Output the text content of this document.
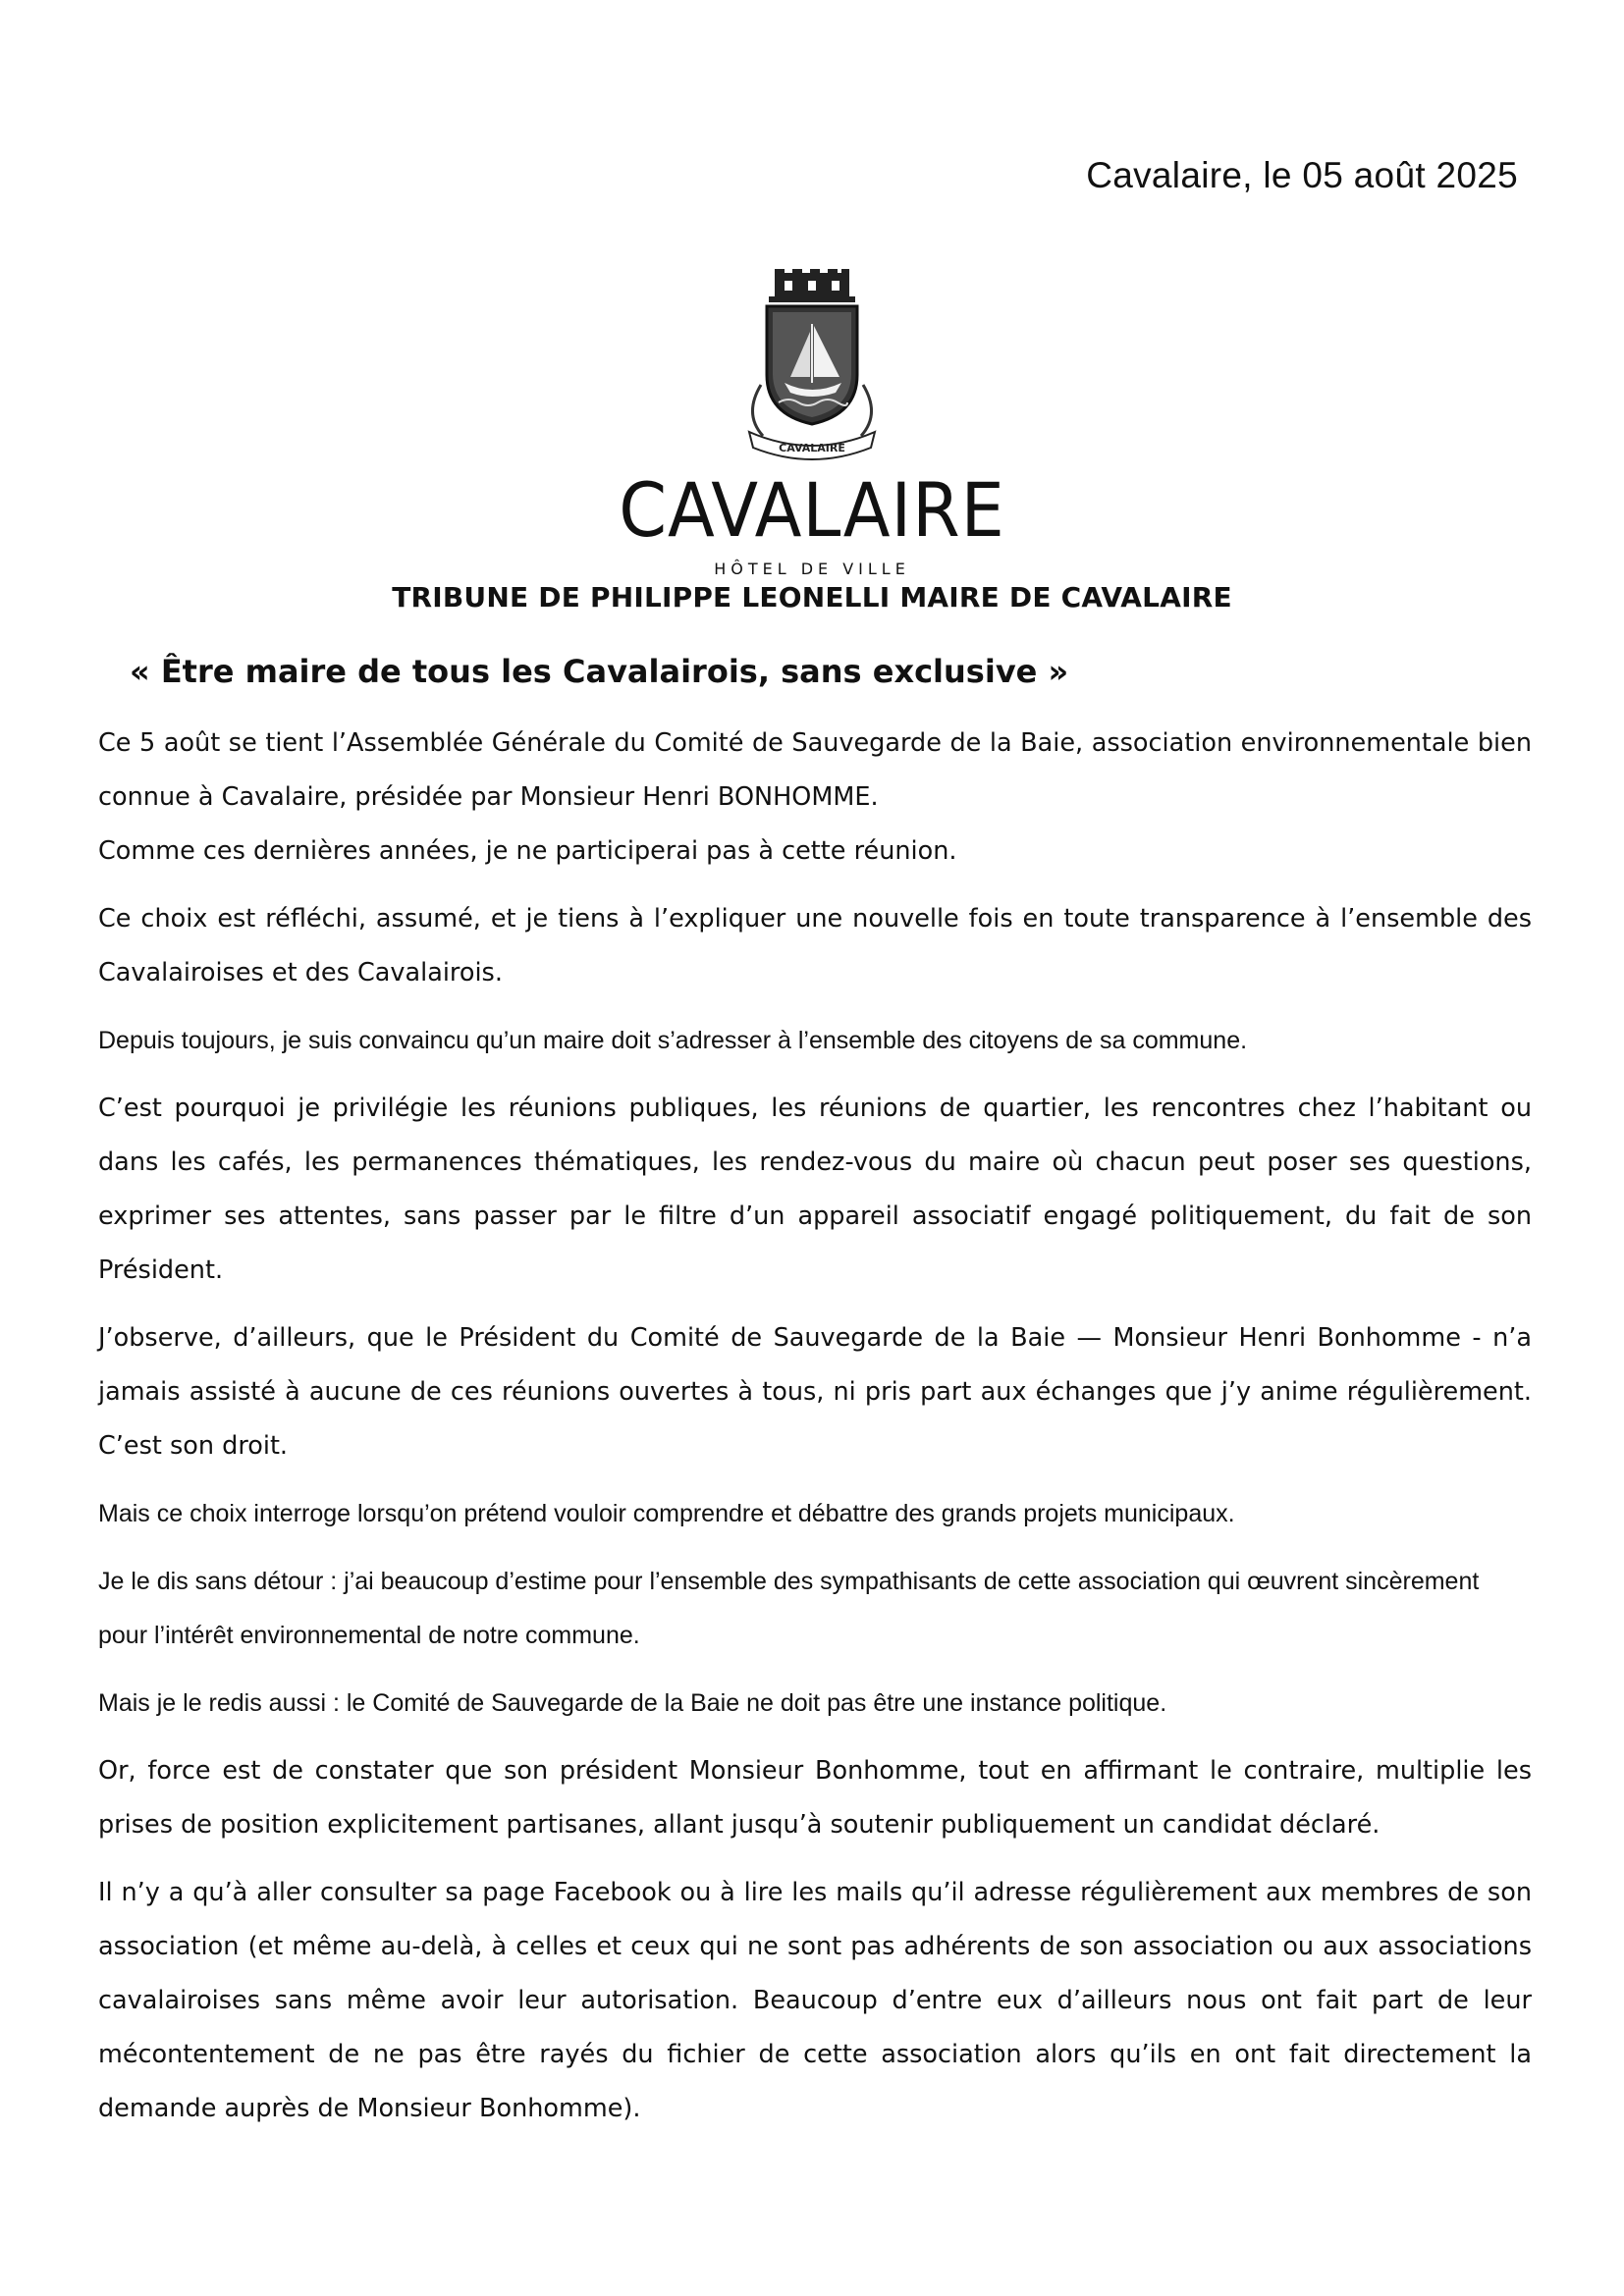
Cavalaire, le 05 août 2025
CAVALAIRE
CAVALAIRE
HÔTEL DE VILLE
TRIBUNE DE PHILIPPE LEONELLI MAIRE DE CAVALAIRE
« Être maire de tous les Cavalairois, sans exclusive »

Ce 5 août se tient l’Assemblée Générale du Comité de Sauvegarde de la Baie, association environnementale bien connue à Cavalaire, présidée par Monsieur Henri BONHOMME.

Comme ces dernières années, je ne participerai pas à cette réunion.

Ce choix est réfléchi, assumé, et je tiens à l’expliquer une nouvelle fois en toute transparence à l’ensemble des Cavalairoises et des Cavalairois.

Depuis toujours, je suis convaincu qu’un maire doit s’adresser à l’ensemble des citoyens de sa commune.

C’est pourquoi je privilégie les réunions publiques, les réunions de quartier, les rencontres chez l’habitant ou dans les cafés, les permanences thématiques, les rendez-vous du maire où chacun peut poser ses questions, exprimer ses attentes, sans passer par le filtre d’un appareil associatif engagé politiquement, du fait de son Président.

J’observe, d’ailleurs, que le Président du Comité de Sauvegarde de la Baie — Monsieur Henri Bonhomme - n’a jamais assisté à aucune de ces réunions ouvertes à tous, ni pris part aux échanges que j’y anime régulièrement. C’est son droit.

Mais ce choix interroge lorsqu’on prétend vouloir comprendre et débattre des grands projets municipaux.

Je le dis sans détour : j’ai beaucoup d’estime pour l’ensemble des sympathisants de cette association qui œuvrent sincèrement pour l’intérêt environnemental de notre commune.

Mais je le redis aussi : le Comité de Sauvegarde de la Baie ne doit pas être une instance politique.

Or, force est de constater que son président Monsieur Bonhomme, tout en affirmant le contraire, multiplie les prises de position explicitement partisanes, allant jusqu’à soutenir publiquement un candidat déclaré.

Il n’y a qu’à aller consulter sa page Facebook ou à lire les mails qu’il adresse régulièrement aux membres de son association (et même au-delà, à celles et ceux qui ne sont pas adhérents de son association ou aux associations cavalairoises sans même avoir leur autorisation. Beaucoup d’entre eux d’ailleurs nous ont fait part de leur mécontentement de ne pas être rayés du fichier de cette association alors qu’ils en ont fait directement la demande auprès de Monsieur Bonhomme).
